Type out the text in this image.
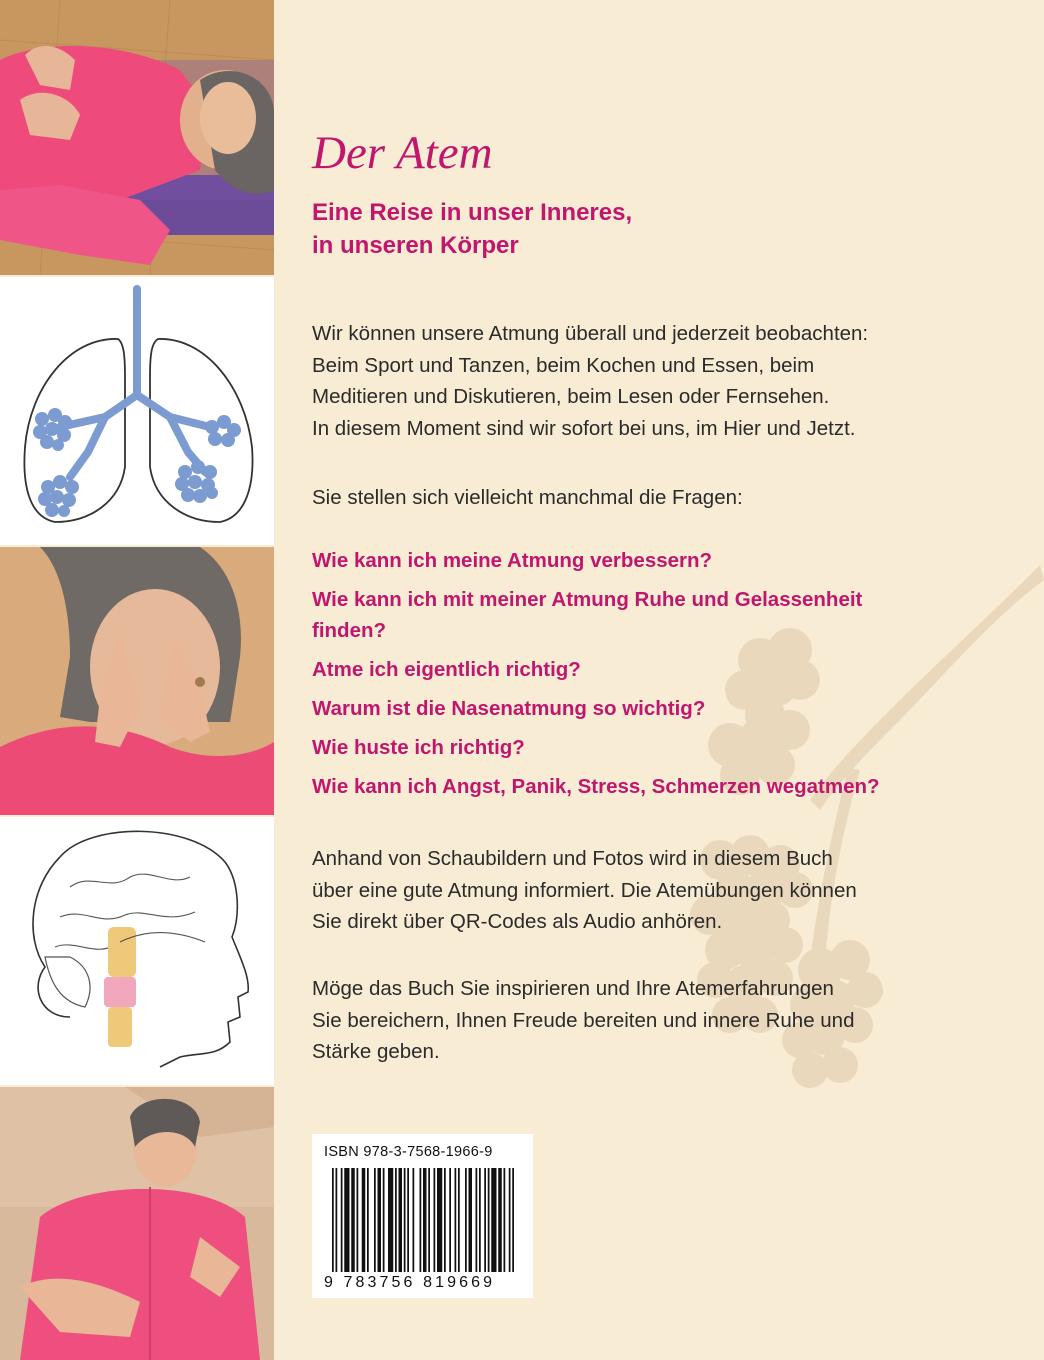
Der Atem
Eine Reise in unser Inneres,
in unseren Körper
Wir können unsere Atmung überall und jederzeit beobachten:
Beim Sport und Tanzen, beim Kochen und Essen, beim
Meditieren und Diskutieren, beim Lesen oder Fernsehen.
In diesem Moment sind wir sofort bei uns, im Hier und Jetzt.
Sie stellen sich vielleicht manchmal die Fragen:
Wie kann ich meine Atmung verbessern?
Wie kann ich mit meiner Atmung Ruhe und Gelassenheit
finden?
Atme ich eigentlich richtig?
Warum ist die Nasenatmung so wichtig?
Wie huste ich richtig?
Wie kann ich Angst, Panik, Stress, Schmerzen wegatmen?
Anhand von Schaubildern und Fotos wird in diesem Buch
über eine gute Atmung informiert. Die Atemübungen können
Sie direkt über QR-Codes als Audio anhören.
Möge das Buch Sie inspirieren und Ihre Atemerfahrungen
Sie bereichern, Ihnen Freude bereiten und innere Ruhe und
Stärke geben.
ISBN 978-3-7568-1966-9
9 783756 819669
